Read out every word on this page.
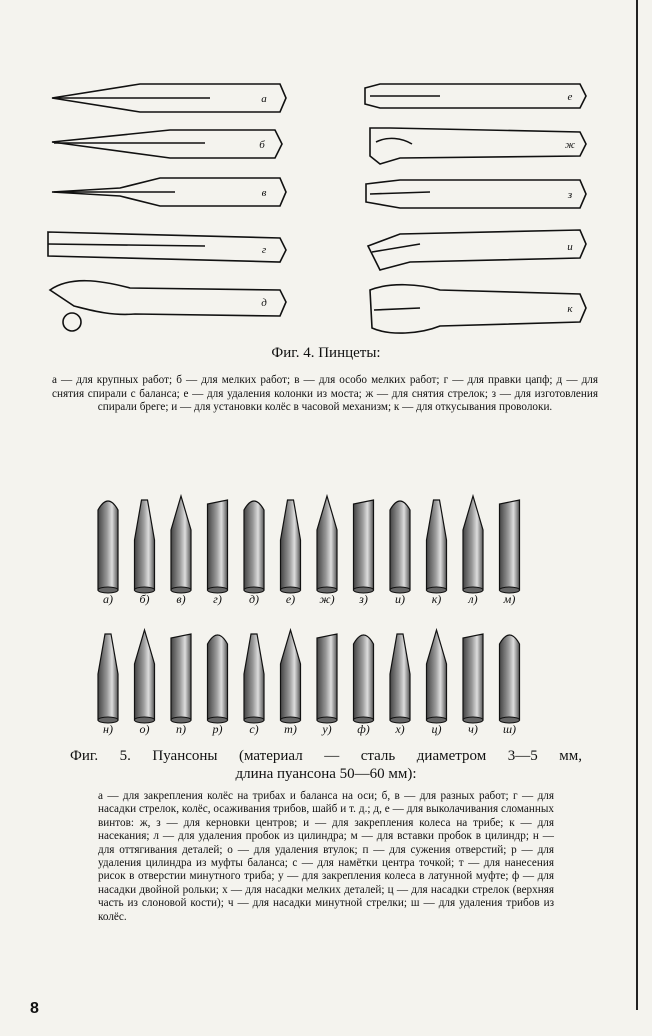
а
б
в
г
д
е
ж
з
и
к
Фиг. 4. Пинцеты:
а — для крупных работ; б — для мелких работ; в — для особо мелких работ; г — для правки цапф; д — для снятия спирали с баланса; е — для удаления колонки из моста; ж — для снятия стрелок; з — для изготовления спирали бреге; и — для установки колёс в часовой механизм; к — для откусывания проволоки.
а)	б)	в)	г)	д)	е)	ж)	з)	и)	к)	л)	м)
н)	о)	п)	р)	с)	т)	у)	ф)	х)	ц)	ч)	ш)
Фиг. 5. Пуансоны (материал — сталь диаметром 3—5 мм,
длина пуансона 50—60 мм):
а — для закрепления колёс на трибах и баланса на оси; б, в — для разных работ; г — для насадки стрелок, колёс, осаживания трибов, шайб и т. д.; д, е — для выколачивания сломанных винтов: ж, з — для керновки центров; и — для закрепления колеса на трибе; к — для насекания; л — для удаления пробок из цилиндра; м — для вставки пробок в цилиндр; н — для оттягивания деталей; о — для удаления втулок; п — для сужения отверстий; р — для удаления цилиндра из муфты баланса; с — для намётки центра точкой; т — для нанесения рисок в отверстии минутного триба; у — для закрепления колеса в латунной муфте; ф — для насадки двойной рольки; х — для насадки мелких деталей; ц — для насадки стрелок (верхняя часть из слоновой кости); ч — для насадки минутной стрелки; ш — для удаления трибов из колёс.
8
